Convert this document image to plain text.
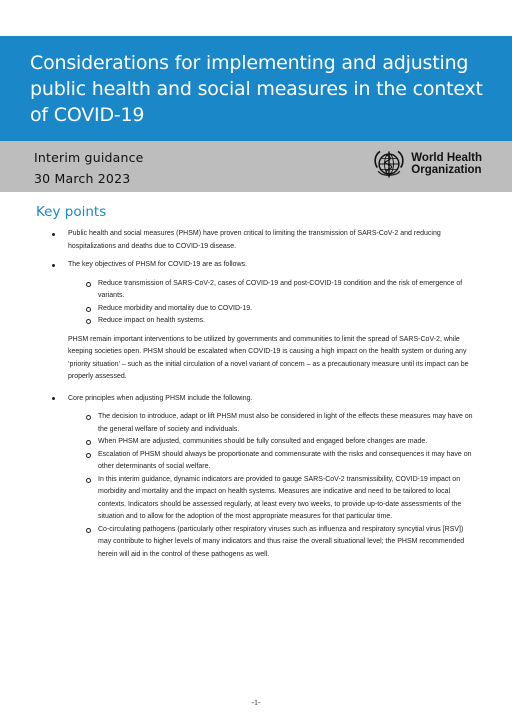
Considerations for implementing and adjusting public health and social measures in the context of COVID-19
Interim guidance
30 March 2023
World Health
Organization
Key points
Public health and social measures (PHSM) have proven critical to limiting the transmission of SARS-CoV-2 and reducing hospitalizations and deaths due to COVID-19 disease.
The key objectives of PHSM for COVID-19 are as follows.
Reduce transmission of SARS-CoV-2, cases of COVID-19 and post-COVID-19 condition and the risk of emergence of variants.
Reduce morbidity and mortality due to COVID-19.
Reduce impact on health systems.
PHSM remain important interventions to be utilized by governments and communities to limit the spread of SARS-CoV-2, while keeping societies open. PHSM should be escalated when COVID-19 is causing a high impact on the health system or during any ‘priority situation’ – such as the initial circulation of a novel variant of concern – as a precautionary measure until its impact can be properly assessed.
Core principles when adjusting PHSM include the following.
The decision to introduce, adapt or lift PHSM must also be considered in light of the effects these measures may have on the general welfare of society and individuals.
When PHSM are adjusted, communities should be fully consulted and engaged before changes are made.
Escalation of PHSM should always be proportionate and commensurate with the risks and consequences it may have on other determinants of social welfare.
In this interim guidance, dynamic indicators are provided to gauge SARS-CoV-2 transmissibility, COVID-19 impact on morbidity and mortality and the impact on health systems. Measures are indicative and need to be tailored to local contexts. Indicators should be assessed regularly, at least every two weeks, to provide up-to-date assessments of the situation and to allow for the adoption of the most appropriate measures for that particular time.
Co-circulating pathogens (particularly other respiratory viruses such as influenza and respiratory syncytial virus [RSV]) may contribute to higher levels of many indicators and thus raise the overall situational level; the PHSM recommended herein will aid in the control of these pathogens as well.
-1-
